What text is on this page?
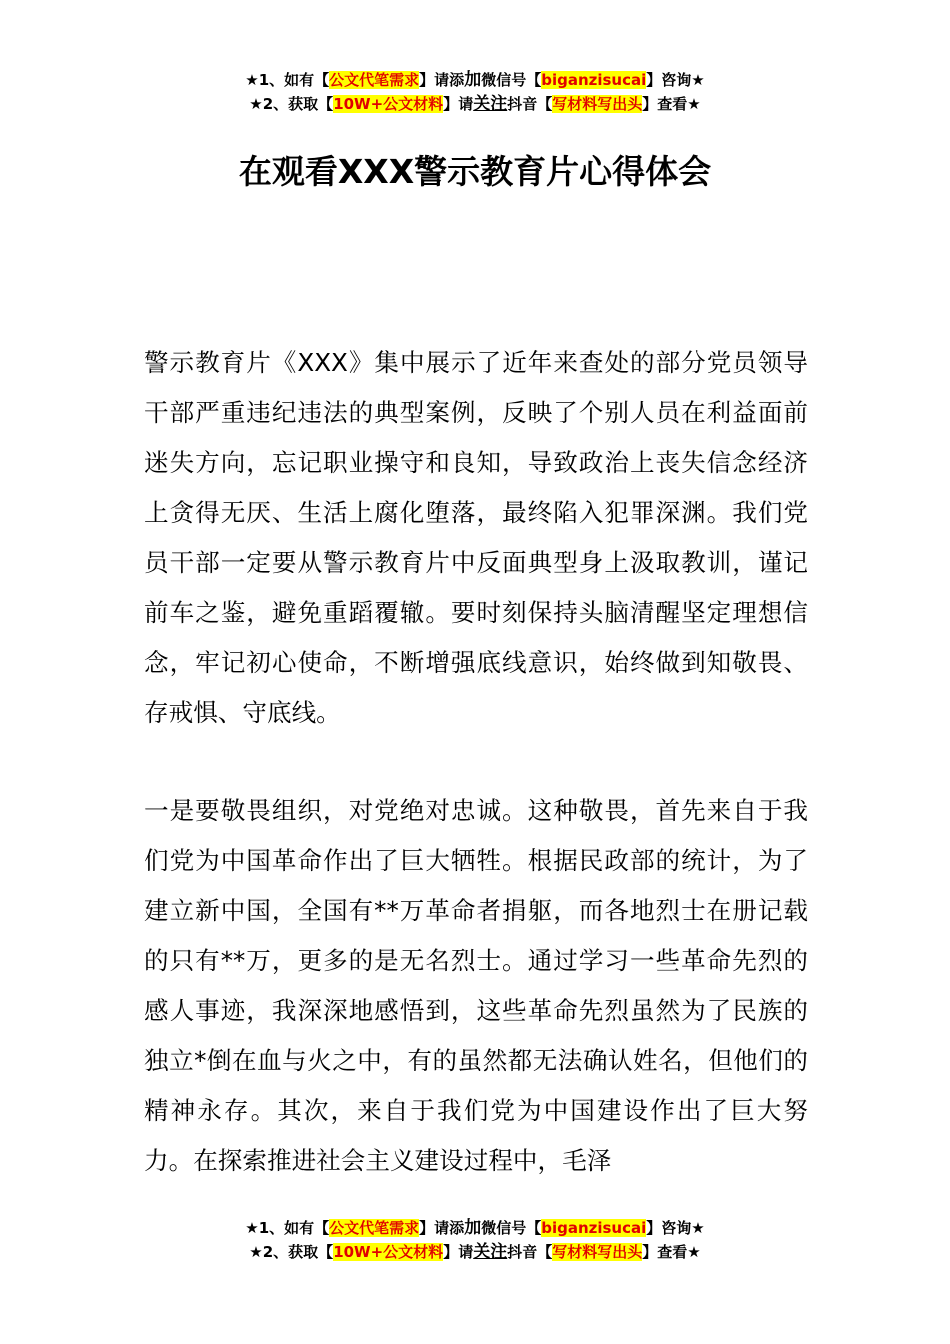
★1、如有【公文代笔需求】请添加微信号【biganzisucai】咨询★
★2、获取【10W+公文材料】请关注抖音【写材料写出头】查看★
在观看XXX警示教育片心得体会

警示教育片《XXX》集中展示了近年来查处的部分党员领导干部严重违纪违法的典型案例，反映了个别人员在利益面前迷失方向，忘记职业操守和良知，导致政治上丧失信念经济上贪得无厌、生活上腐化堕落，最终陷入犯罪深渊。我们党员干部一定要从警示教育片中反面典型身上汲取教训，谨记前车之鉴，避免重蹈覆辙。要时刻保持头脑清醒坚定理想信念，牢记初心使命，不断增强底线意识，始终做到知敬畏、存戒惧、守底线。

一是要敬畏组织，对党绝对忠诚。这种敬畏，首先来自于我们党为中国革命作出了巨大牺牲。根据民政部的统计，为了建立新中国，全国有**万革命者捐躯，而各地烈士在册记载的只有**万，更多的是无名烈士。通过学习一些革命先烈的感人事迹，我深深地感悟到，这些革命先烈虽然为了民族的独立*倒在血与火之中，有的虽然都无法确认姓名，但他们的精神永存。其次，来自于我们党为中国建设作出了巨大努力。在探索推进社会主义建设过程中，毛泽

★1、如有【公文代笔需求】请添加微信号【biganzisucai】咨询★
★2、获取【10W+公文材料】请关注抖音【写材料写出头】查看★
